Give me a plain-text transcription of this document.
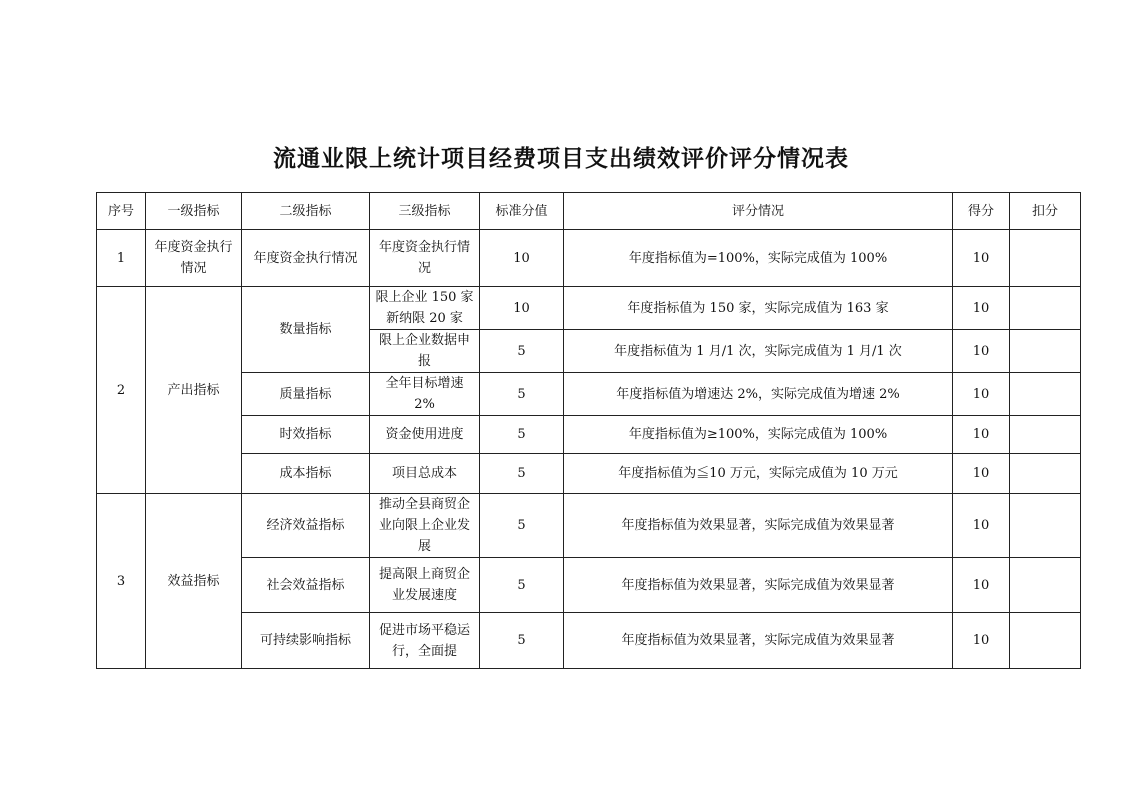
流通业限上统计项目经费项目支出绩效评价评分情况表
序号	一级指标	二级指标	三级指标	标准分值	评分情况	得分	扣分
1	年度资金执行情况	年度资金执行情况	年度资金执行情况	10	年度指标值为=100%，实际完成值为 100%	10	
2	产出指标	数量指标	限上企业 150 家新纳限 20 家	10	年度指标值为 150 家，实际完成值为 163 家	10	
			限上企业数据申报	5	年度指标值为 1 月/1 次，实际完成值为 1 月/1 次	10	
		质量指标	全年目标增速 2%	5	年度指标值为增速达 2%，实际完成值为增速 2%	10	
		时效指标	资金使用进度	5	年度指标值为≥100%，实际完成值为 100%	10	
		成本指标	项目总成本	5	年度指标值为≦10 万元，实际完成值为 10 万元	10	
3	效益指标	经济效益指标	推动全县商贸企业向限上企业发展	5	年度指标值为效果显著，实际完成值为效果显著	10	
		社会效益指标	提高限上商贸企业发展速度	5	年度指标值为效果显著，实际完成值为效果显著	10	
		可持续影响指标	促进市场平稳运行，全面提	5	年度指标值为效果显著，实际完成值为效果显著	10	
